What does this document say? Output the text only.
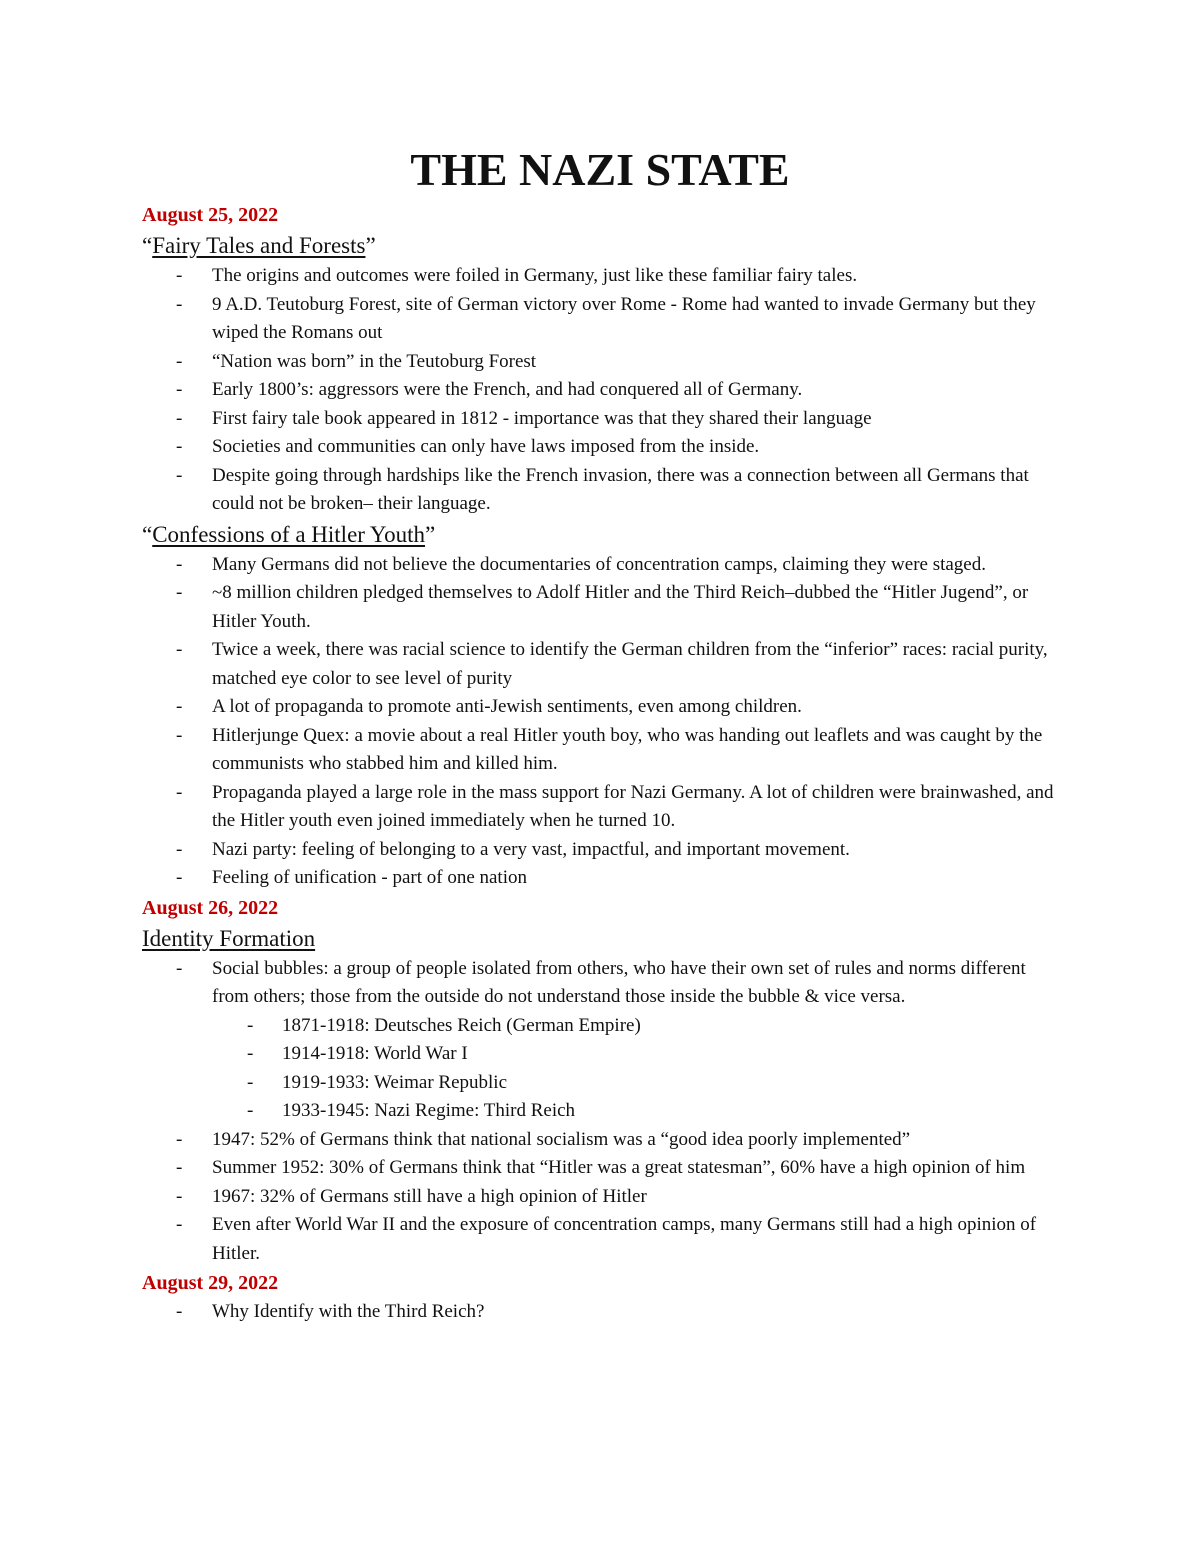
THE NAZI STATE
August 25, 2022
“Fairy Tales and Forests”
- The origins and outcomes were foiled in Germany, just like these familiar fairy tales.
- 9 A.D. Teutoburg Forest, site of German victory over Rome - Rome had wanted to invade Germany but they wiped the Romans out
- “Nation was born” in the Teutoburg Forest
- Early 1800’s: aggressors were the French, and had conquered all of Germany.
- First fairy tale book appeared in 1812 - importance was that they shared their language
- Societies and communities can only have laws imposed from the inside.
- Despite going through hardships like the French invasion, there was a connection between all Germans that could not be broken– their language.
“Confessions of a Hitler Youth”
- Many Germans did not believe the documentaries of concentration camps, claiming they were staged.
- ~8 million children pledged themselves to Adolf Hitler and the Third Reich–dubbed the “Hitler Jugend”, or Hitler Youth.
- Twice a week, there was racial science to identify the German children from the “inferior” races: racial purity, matched eye color to see level of purity
- A lot of propaganda to promote anti-Jewish sentiments, even among children.
- Hitlerjunge Quex: a movie about a real Hitler youth boy, who was handing out leaflets and was caught by the communists who stabbed him and killed him.
- Propaganda played a large role in the mass support for Nazi Germany. A lot of children were brainwashed, and the Hitler youth even joined immediately when he turned 10.
- Nazi party: feeling of belonging to a very vast, impactful, and important movement.
- Feeling of unification - part of one nation
August 26, 2022
Identity Formation
- Social bubbles: a group of people isolated from others, who have their own set of rules and norms different from others; those from the outside do not understand those inside the bubble & vice versa.
- 1871-1918: Deutsches Reich (German Empire)
- 1914-1918: World War I
- 1919-1933: Weimar Republic
- 1933-1945: Nazi Regime: Third Reich
- 1947: 52% of Germans think that national socialism was a “good idea poorly implemented”
- Summer 1952: 30% of Germans think that “Hitler was a great statesman”, 60% have a high opinion of him
- 1967: 32% of Germans still have a high opinion of Hitler
- Even after World War II and the exposure of concentration camps, many Germans still had a high opinion of Hitler.
August 29, 2022
- Why Identify with the Third Reich?
